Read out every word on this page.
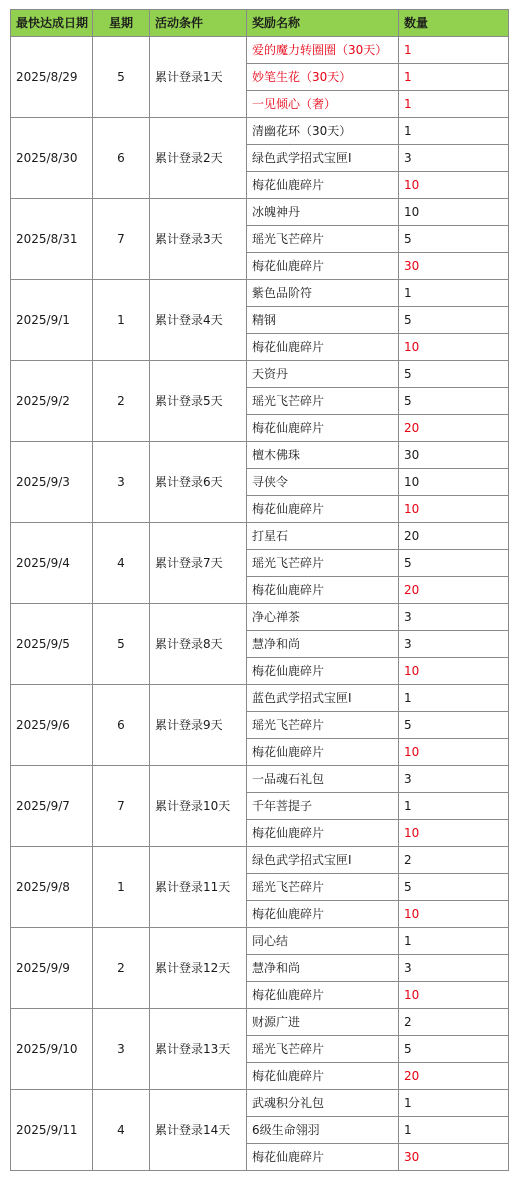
最快达成日期	星期	活动条件	奖励名称	数量
2025/8/29	5	累计登录1天	爱的魔力转圈圈（30天）	1
			妙笔生花（30天）	1
			一见倾心（奢）	1
2025/8/30	6	累计登录2天	清幽花环（30天）	1
			绿色武学招式宝匣I	3
			梅花仙鹿碎片	10
2025/8/31	7	累计登录3天	冰魄神丹	10
			瑶光飞芒碎片	5
			梅花仙鹿碎片	30
2025/9/1	1	累计登录4天	紫色品阶符	1
			精钢	5
			梅花仙鹿碎片	10
2025/9/2	2	累计登录5天	天资丹	5
			瑶光飞芒碎片	5
			梅花仙鹿碎片	20
2025/9/3	3	累计登录6天	檀木佛珠	30
			寻侠令	10
			梅花仙鹿碎片	10
2025/9/4	4	累计登录7天	打星石	20
			瑶光飞芒碎片	5
			梅花仙鹿碎片	20
2025/9/5	5	累计登录8天	净心禅茶	3
			慧净和尚	3
			梅花仙鹿碎片	10
2025/9/6	6	累计登录9天	蓝色武学招式宝匣I	1
			瑶光飞芒碎片	5
			梅花仙鹿碎片	10
2025/9/7	7	累计登录10天	一品魂石礼包	3
			千年菩提子	1
			梅花仙鹿碎片	10
2025/9/8	1	累计登录11天	绿色武学招式宝匣I	2
			瑶光飞芒碎片	5
			梅花仙鹿碎片	10
2025/9/9	2	累计登录12天	同心结	1
			慧净和尚	3
			梅花仙鹿碎片	10
2025/9/10	3	累计登录13天	财源广进	2
			瑶光飞芒碎片	5
			梅花仙鹿碎片	20
2025/9/11	4	累计登录14天	武魂积分礼包	1
			6级生命翎羽	1
			梅花仙鹿碎片	30
